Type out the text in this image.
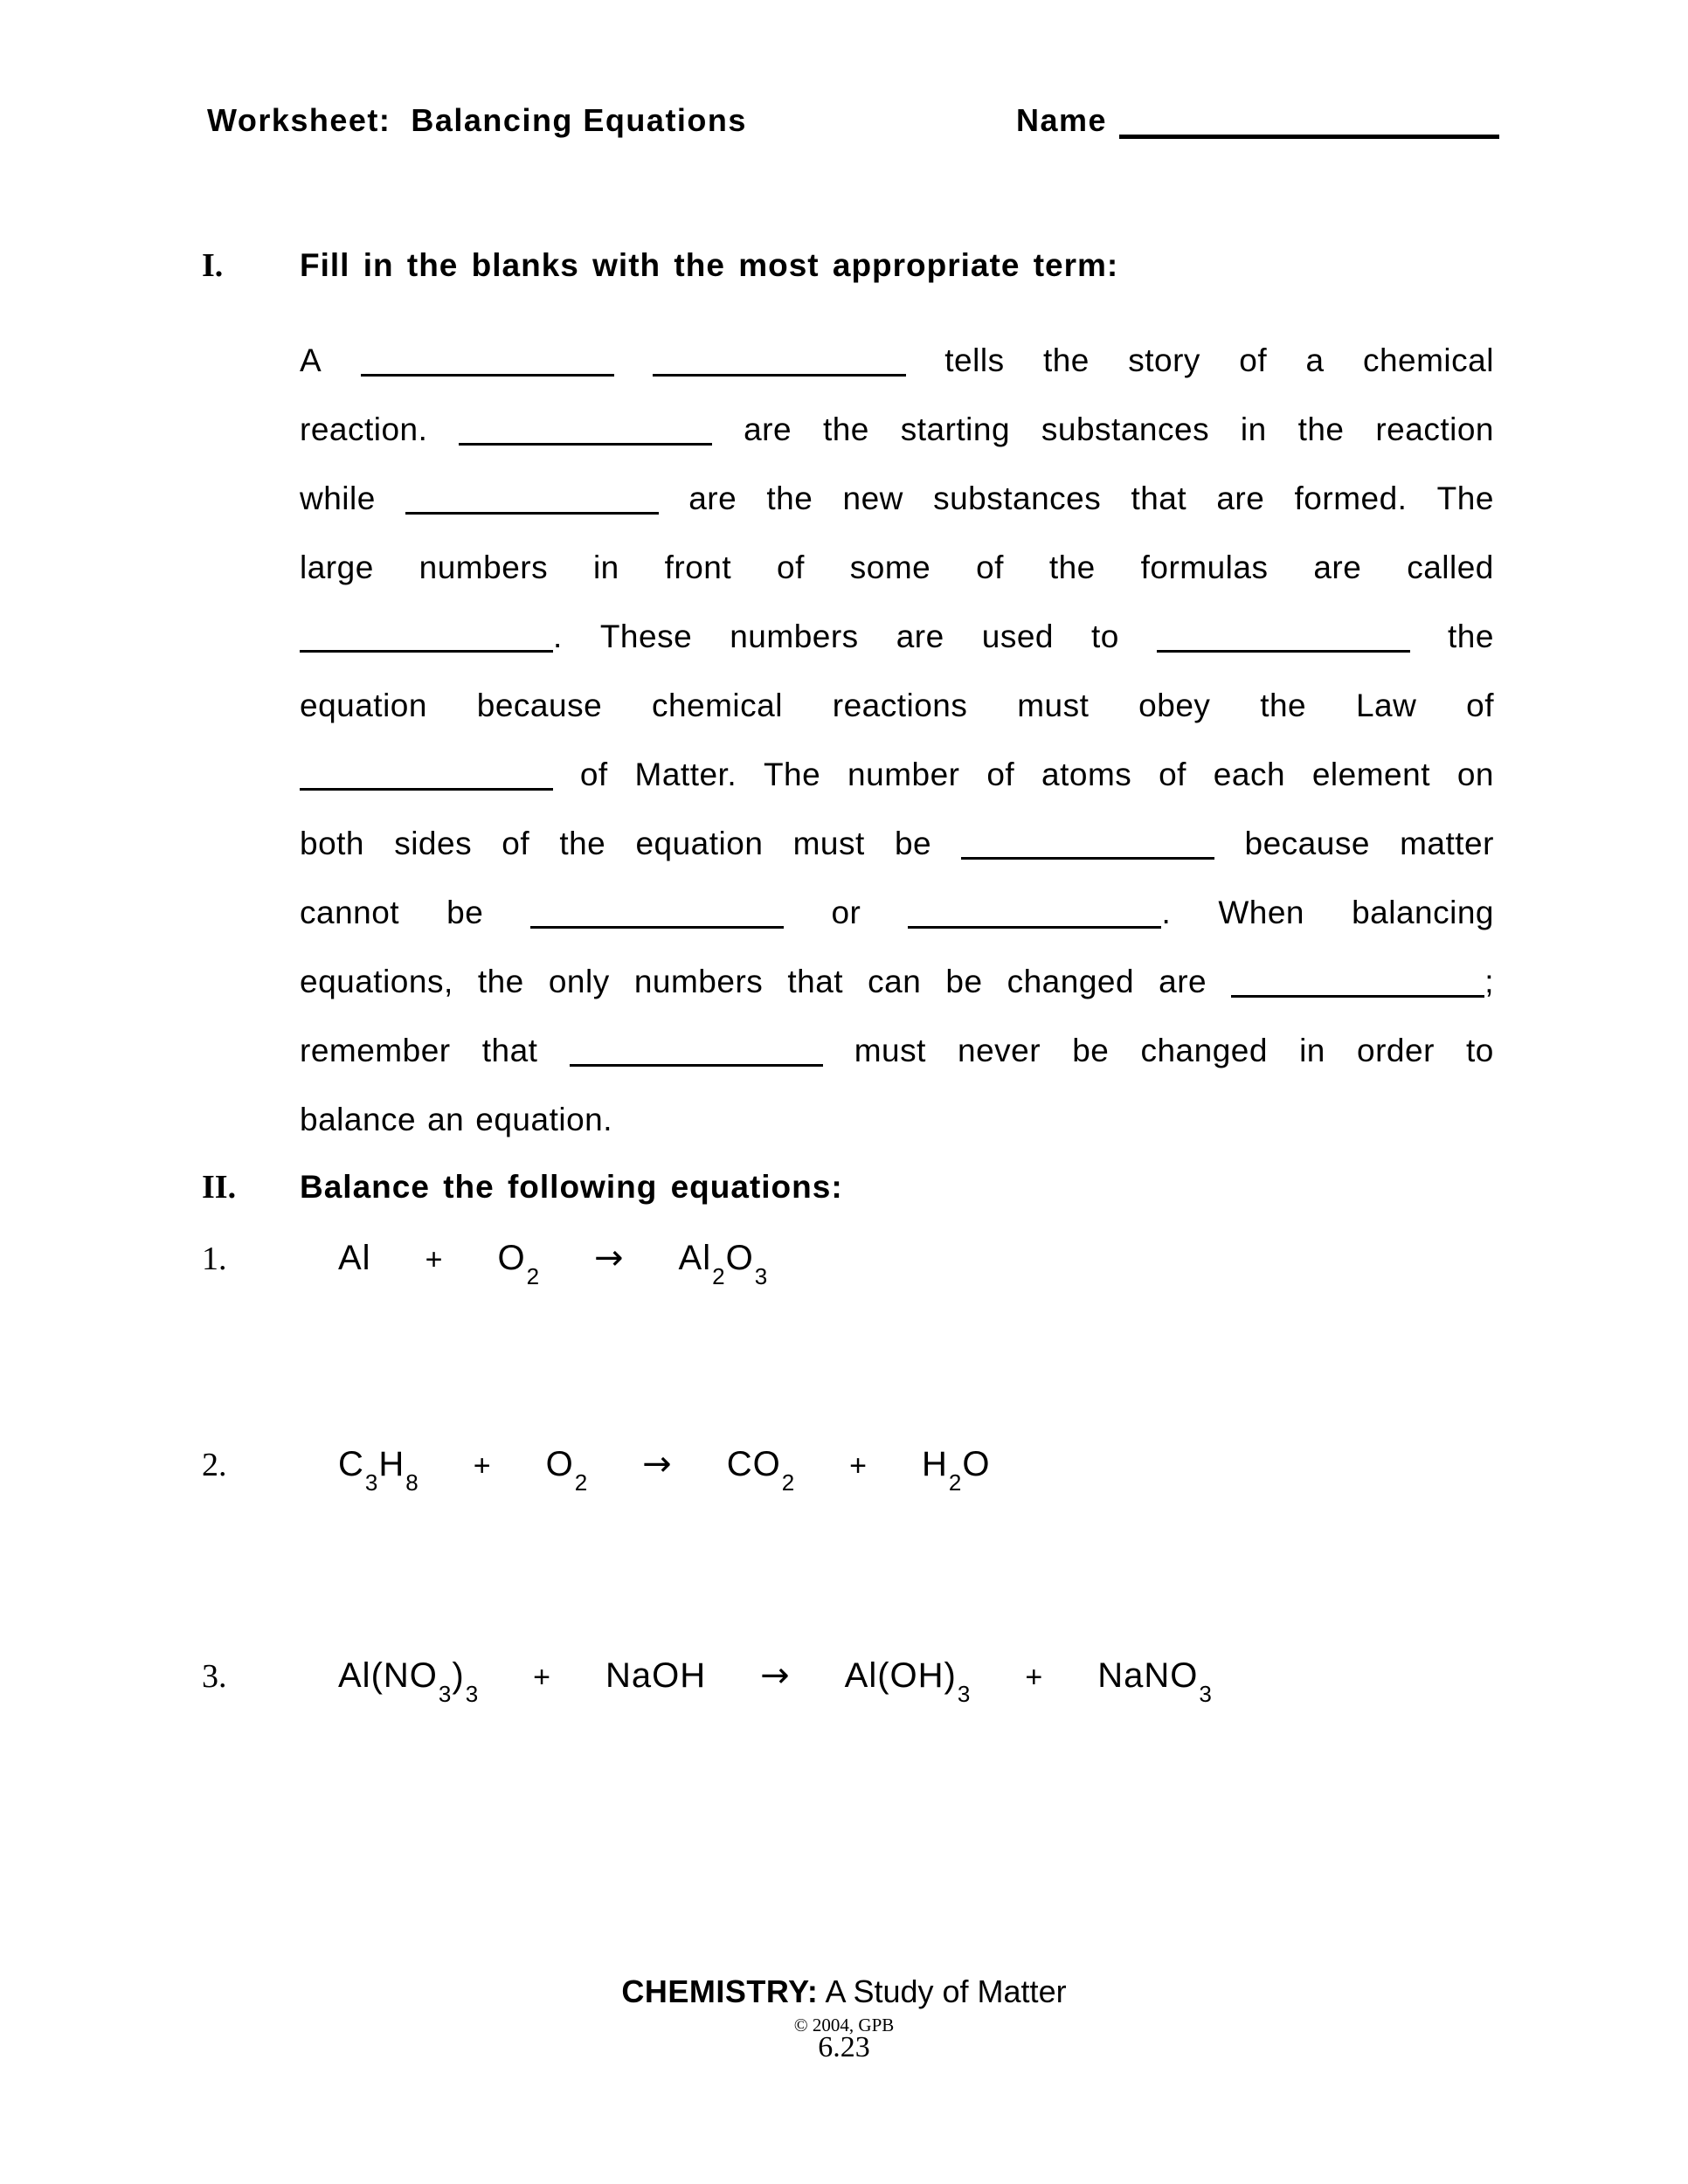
Worksheet:  Balancing Equations	Name
I.	Fill in the blanks with the most appropriate term:
A	tells the story of a chemical
reaction.	are the starting substances in the reaction
while	are the new substances that are formed. The
large numbers in front of some of the formulas are called
. These numbers are used to	the
equation because chemical reactions must obey the Law of
of Matter. The number of atoms of each element on
both sides of the equation must be	because matter
cannot be	or	. When balancing
equations, the only numbers that can be changed are	;
remember that	must never be changed in order to
balance an equation.
II.	Balance the following equations:
1.	$Al + O_2 \to Al_2O_3$
2.	$C_3H_8 + O_2 \to CO_2 + H_2O$
3.	$Al(NO_3)_3$ + NaOH → $Al(OH)_3$ + NaNO$_3$
CHEMISTRY: A Study of Matter
© 2004, GPB
6.23
